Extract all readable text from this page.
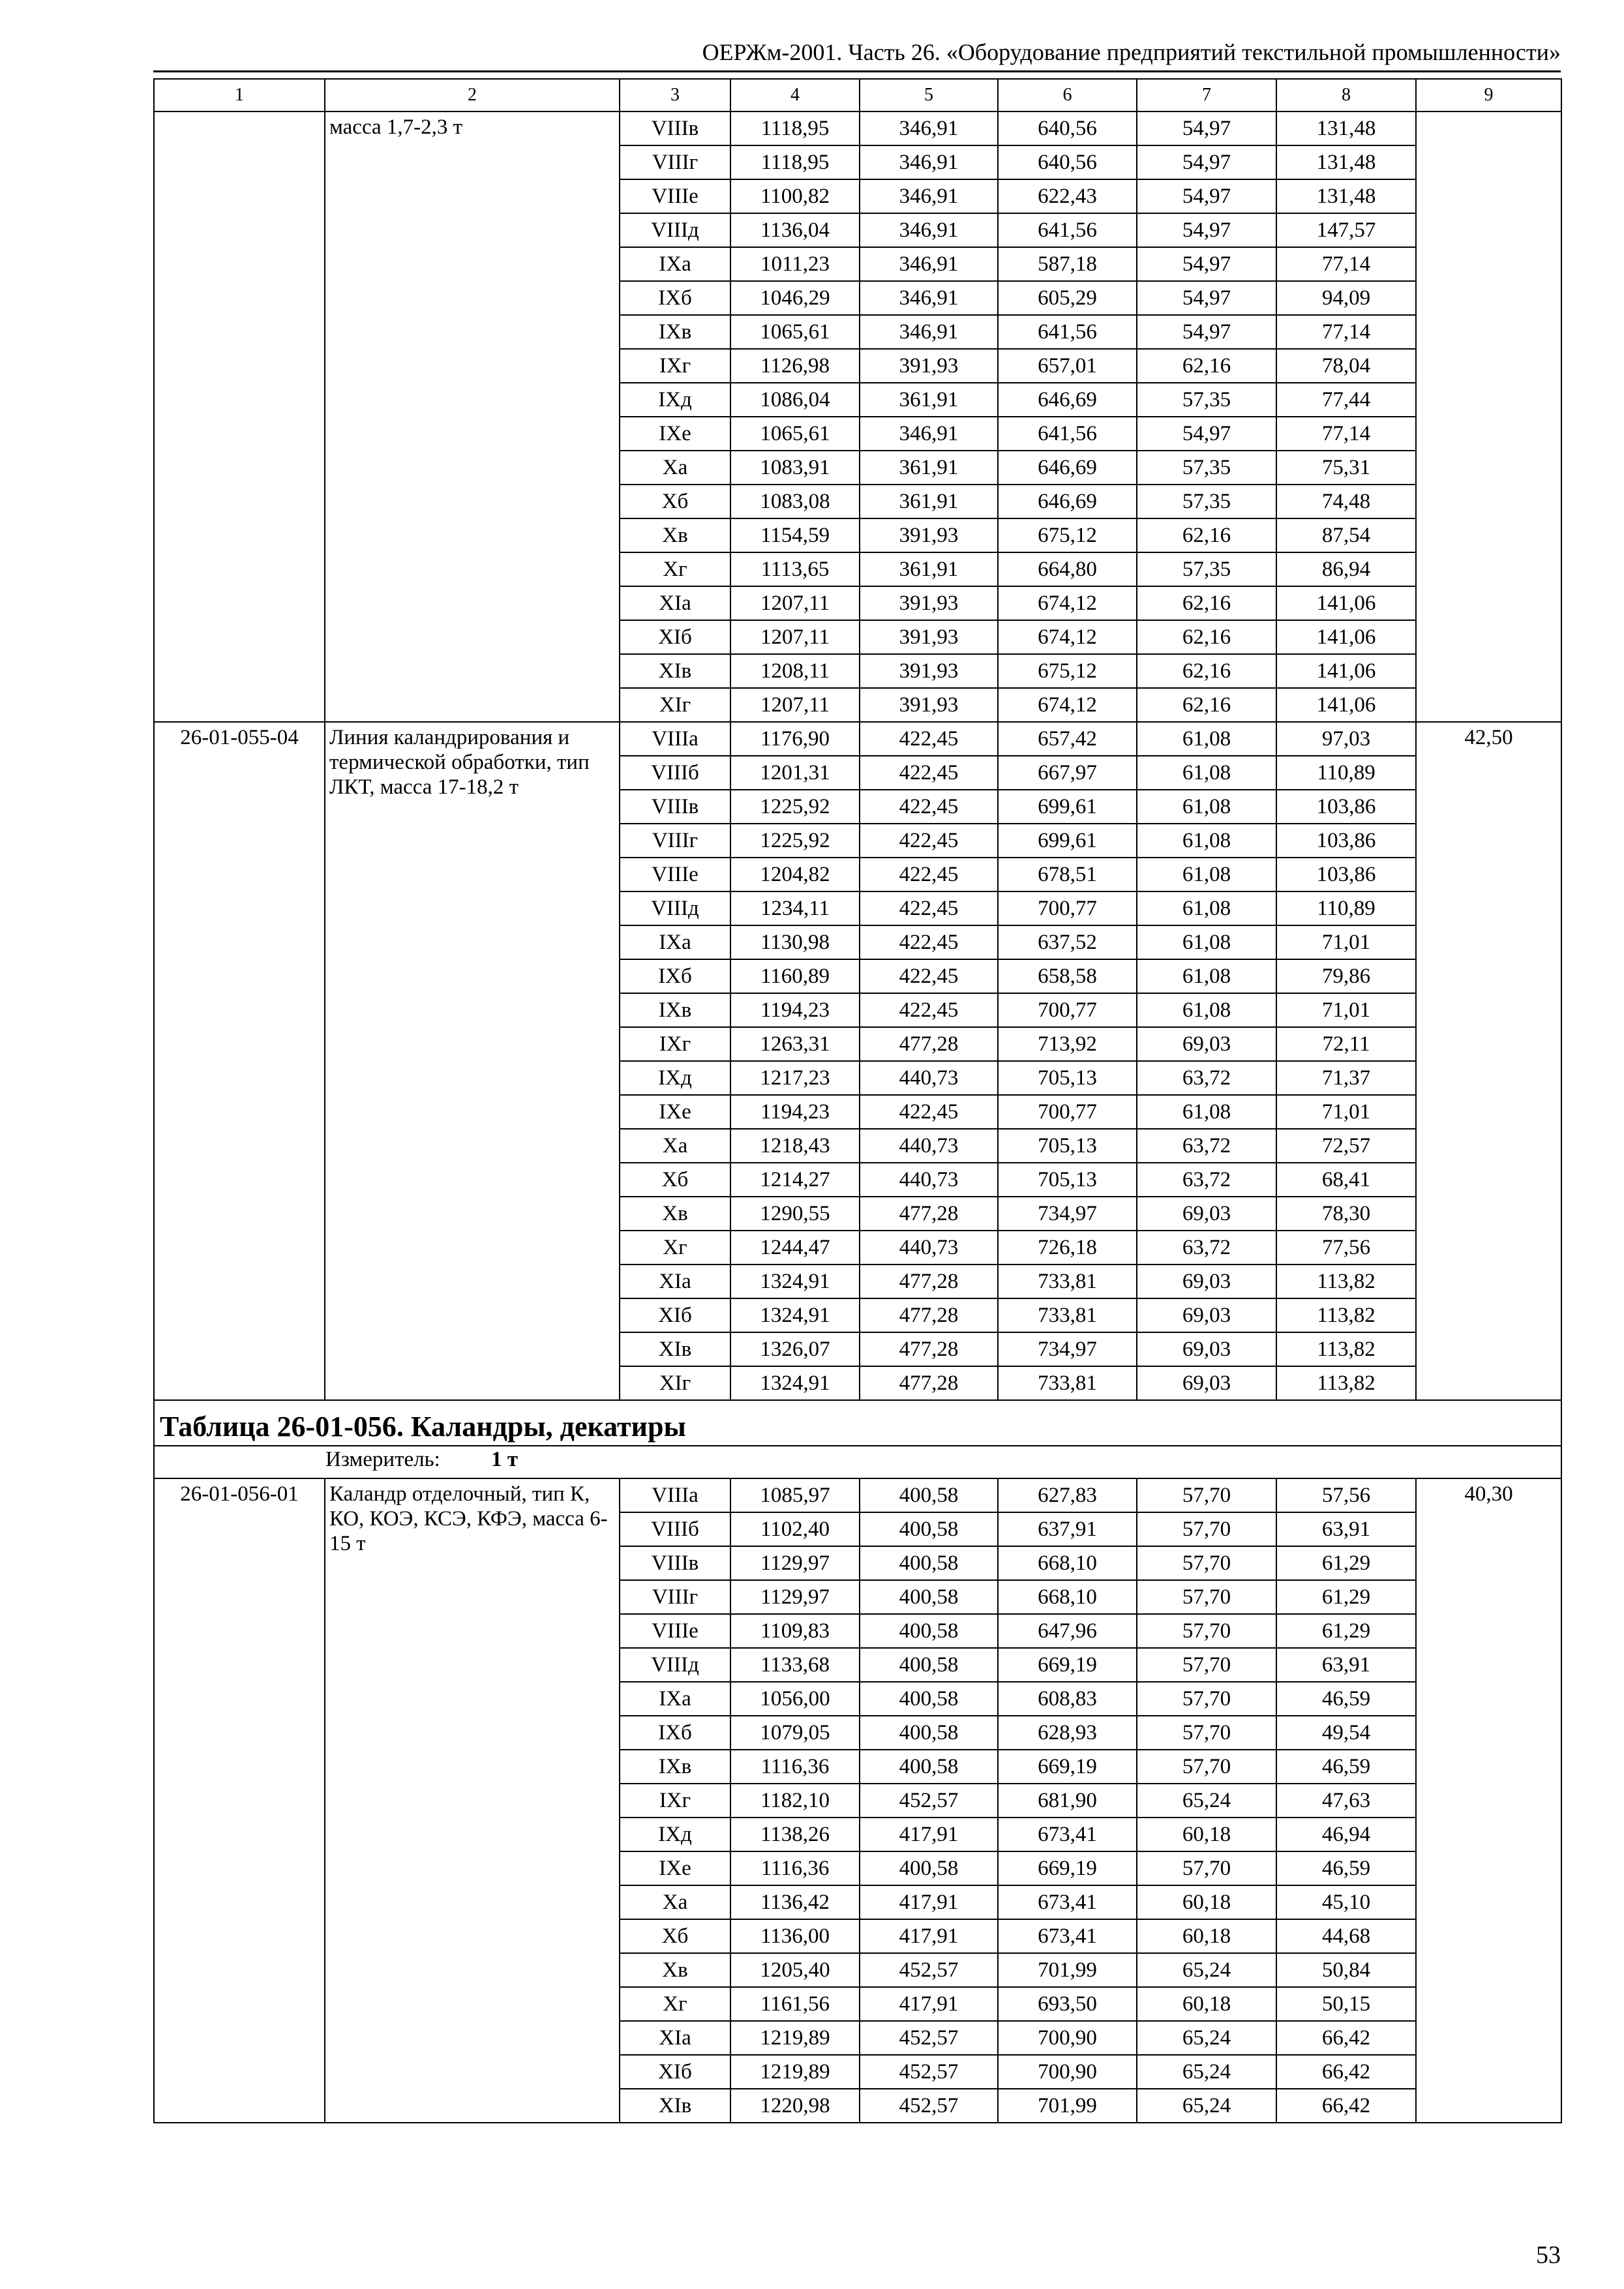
ОЕРЖм-2001. Часть 26. «Оборудование предприятий текстильной промышленности»
1	2	3	4	5	6	7	8	9
	масса 1,7-2,3 т	VIIIв	1118,95	346,91	640,56	54,97	131,48	
		VIIIг	1118,95	346,91	640,56	54,97	131,48	
		VIIIе	1100,82	346,91	622,43	54,97	131,48	
		VIIIд	1136,04	346,91	641,56	54,97	147,57	
		IXа	1011,23	346,91	587,18	54,97	77,14	
		IXб	1046,29	346,91	605,29	54,97	94,09	
		IXв	1065,61	346,91	641,56	54,97	77,14	
		IXг	1126,98	391,93	657,01	62,16	78,04	
		IXд	1086,04	361,91	646,69	57,35	77,44	
		IXе	1065,61	346,91	641,56	54,97	77,14	
		Xа	1083,91	361,91	646,69	57,35	75,31	
		Xб	1083,08	361,91	646,69	57,35	74,48	
		Xв	1154,59	391,93	675,12	62,16	87,54	
		Xг	1113,65	361,91	664,80	57,35	86,94	
		XIа	1207,11	391,93	674,12	62,16	141,06	
		XIб	1207,11	391,93	674,12	62,16	141,06	
		XIв	1208,11	391,93	675,12	62,16	141,06	
		XIг	1207,11	391,93	674,12	62,16	141,06	
26-01-055-04	Линия каландрирования и термической обработки, тип ЛКТ, масса 17-18,2 т	VIIIа	1176,90	422,45	657,42	61,08	97,03	42,50
		VIIIб	1201,31	422,45	667,97	61,08	110,89	
		VIIIв	1225,92	422,45	699,61	61,08	103,86	
		VIIIг	1225,92	422,45	699,61	61,08	103,86	
		VIIIе	1204,82	422,45	678,51	61,08	103,86	
		VIIIд	1234,11	422,45	700,77	61,08	110,89	
		IXа	1130,98	422,45	637,52	61,08	71,01	
		IXб	1160,89	422,45	658,58	61,08	79,86	
		IXв	1194,23	422,45	700,77	61,08	71,01	
		IXг	1263,31	477,28	713,92	69,03	72,11	
		IXд	1217,23	440,73	705,13	63,72	71,37	
		IXе	1194,23	422,45	700,77	61,08	71,01	
		Xа	1218,43	440,73	705,13	63,72	72,57	
		Xб	1214,27	440,73	705,13	63,72	68,41	
		Xв	1290,55	477,28	734,97	69,03	78,30	
		Xг	1244,47	440,73	726,18	63,72	77,56	
		XIа	1324,91	477,28	733,81	69,03	113,82	
		XIб	1324,91	477,28	733,81	69,03	113,82	
		XIв	1326,07	477,28	734,97	69,03	113,82	
		XIг	1324,91	477,28	733,81	69,03	113,82	
Таблица 26-01-056. Каландры, декатиры								
Измеритель: 1 т								
26-01-056-01	Каландр отделочный, тип К, КО, КОЭ, КСЭ, КФЭ, масса 6-15 т	VIIIа	1085,97	400,58	627,83	57,70	57,56	40,30
		VIIIб	1102,40	400,58	637,91	57,70	63,91	
		VIIIв	1129,97	400,58	668,10	57,70	61,29	
		VIIIг	1129,97	400,58	668,10	57,70	61,29	
		VIIIе	1109,83	400,58	647,96	57,70	61,29	
		VIIIд	1133,68	400,58	669,19	57,70	63,91	
		IXа	1056,00	400,58	608,83	57,70	46,59	
		IXб	1079,05	400,58	628,93	57,70	49,54	
		IXв	1116,36	400,58	669,19	57,70	46,59	
		IXг	1182,10	452,57	681,90	65,24	47,63	
		IXд	1138,26	417,91	673,41	60,18	46,94	
		IXе	1116,36	400,58	669,19	57,70	46,59	
		Xа	1136,42	417,91	673,41	60,18	45,10	
		Xб	1136,00	417,91	673,41	60,18	44,68	
		Xв	1205,40	452,57	701,99	65,24	50,84	
		Xг	1161,56	417,91	693,50	60,18	50,15	
		XIа	1219,89	452,57	700,90	65,24	66,42	
		XIб	1219,89	452,57	700,90	65,24	66,42	
		XIв	1220,98	452,57	701,99	65,24	66,42	
53
